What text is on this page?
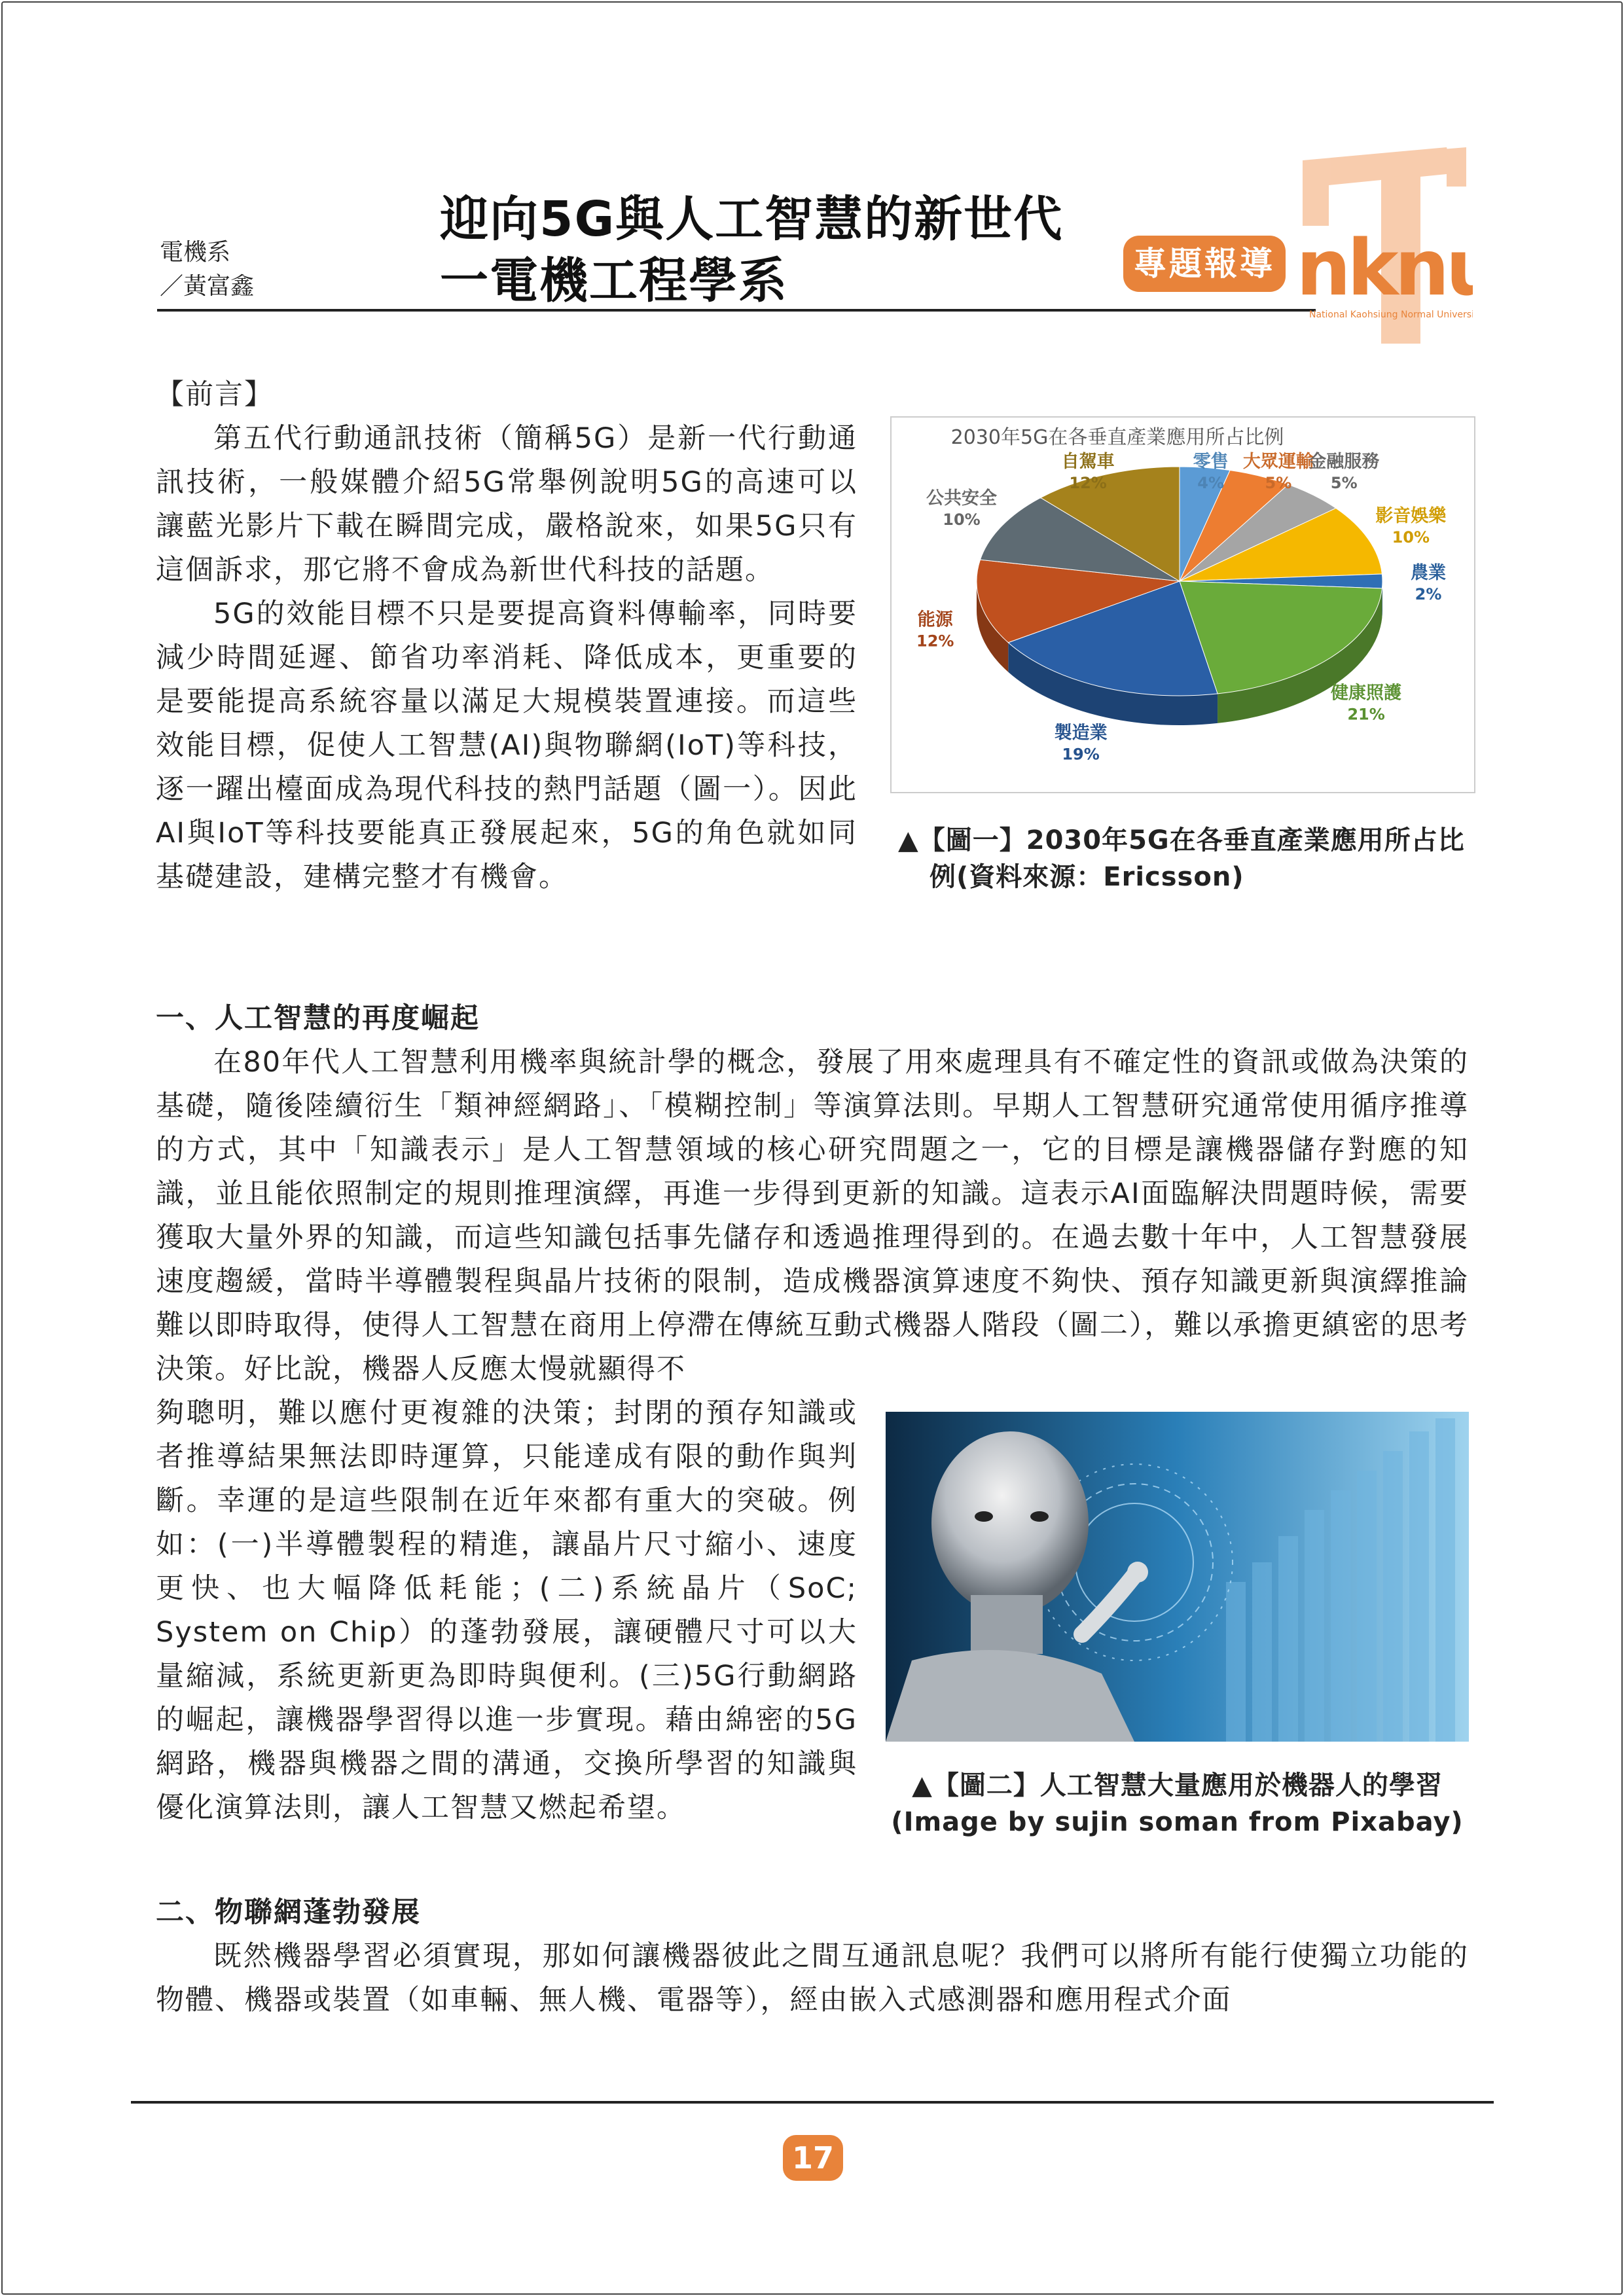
電機系
／黃富鑫
迎向5G與人工智慧的新世代
一電機工程學系	專題報導 nkn
National Kaohsiung Normal University

【前言】

第五代行動通訊技術（簡稱5G）是新一代行動通訊技術，一般媒體介紹5G常舉例說明5G的高速可以讓藍光影片下載在瞬間完成，嚴格說來，如果5G只有這個訴求，那它將不會成為新世代科技的話題。

5G的效能目標不只是要提高資料傳輸率，同時要減少時間延遲、節省功率消耗、降低成本，更重要的是要能提高系統容量以滿足大規模裝置連接。而這些效能目標，促使人工智慧(AI)與物聯網(IoT)等科技，逐一躍出檯面成為現代科技的熱門話題（圖一）。因此AI與IoT等科技要能真正發展起來，5G的角色就如同基礎建設，建構完整才有機會。

2030年5G在各垂直產業應用所占比例
零售
4%
大眾運輸
5%
金融服務
5%
影音娛樂
10%
農業
2%
健康照護
21%
製造業
19%
能源
12%
公共安全
10%
自駕車
12%
▲【圖一】2030年5G在各垂直產業應用所占比
例(資料來源：Ericsson)

一、人工智慧的再度崛起

在80年代人工智慧利用機率與統計學的概念，發展了用來處理具有不確定性的資訊或做為決策的基礎，隨後陸續衍生「類神經網路」、「模糊控制」等演算法則。早期人工智慧研究通常使用循序推導的方式，其中「知識表示」是人工智慧領域的核心研究問題之一，它的目標是讓機器儲存對應的知識，並且能依照制定的規則推理演繹，再進一步得到更新的知識。這表示AI面臨解決問題時候，需要獲取大量外界的知識，而這些知識包括事先儲存和透過推理得到的。在過去數十年中，人工智慧發展速度趨緩，當時半導體製程與晶片技術的限制，造成機器演算速度不夠快、預存知識更新與演繹推論難以即時取得，使得人工智慧在商用上停滯在傳統互動式機器人階段（圖二），難以承擔更縝密的思考決策。好比說，機器人反應太慢就顯得不

夠聰明，難以應付更複雜的決策；封閉的預存知識或者推導結果無法即時運算，只能達成有限的動作與判斷。幸運的是這些限制在近年來都有重大的突破。例如：(一)半導體製程的精進，讓晶片尺寸縮小、速度更快、也大幅降低耗能；(二)系統晶片（SoC; System on Chip）的蓬勃發展，讓硬體尺寸可以大量縮減，系統更新更為即時與便利。(三)5G行動網路的崛起，讓機器學習得以進一步實現。藉由綿密的5G網路，機器與機器之間的溝通，交換所學習的知識與優化演算法則，讓人工智慧又燃起希望。

▲【圖二】人工智慧大量應用於機器人的學習
(Image by sujin soman from Pixabay)

二、物聯網蓬勃發展

既然機器學習必須實現，那如何讓機器彼此之間互通訊息呢？我們可以將所有能行使獨立功能的物體、機器或裝置（如車輛、無人機、電器等），經由嵌入式感測器和應用程式介面

17
